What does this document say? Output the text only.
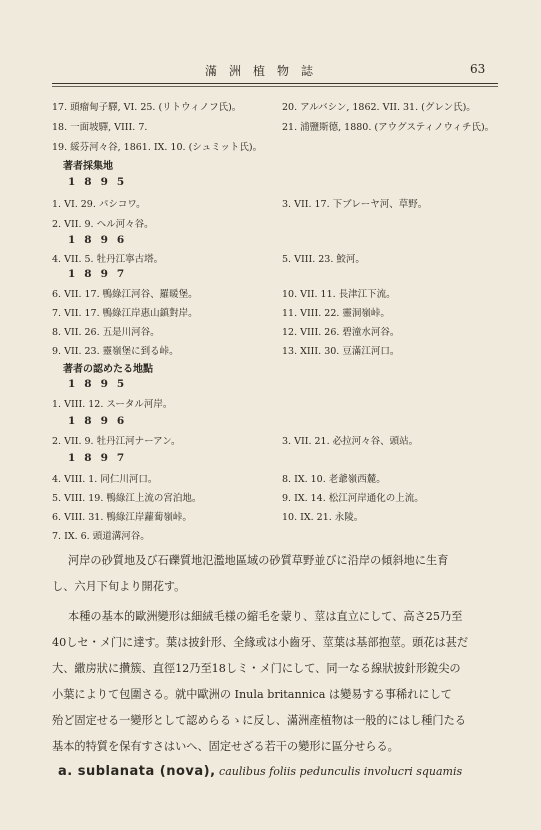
滿洲植物誌	63
17. 頭瘤甸子驛, VI. 25. (リトウィノフ氏)。	20. アルバシン, 1862. VII. 31. (グレン氏)。
18. 一面坡驛, VIII. 7.	21. 浦鹽斯德, 1880. (アウグスティノウィチ氏)。
19. 綏芬河々谷, 1861. IX. 10. (シュミット氏)。
著者採集地
1895
1. VI. 29. パシコワ。	3. VII. 17. 下ブレーヤ河、草野。
2. VII. 9. ヘル河々谷。
1896
4. VII. 5. 牡丹江寧古塔。	5. VIII. 23. 鮫河。
1897
6. VII. 17. 鴨綠江河谷、羅暖堡。	10. VII. 11. 長津江下流。
7. VII. 17. 鴨綠江岸惠山鎮對岸。	11. VIII. 22. 靈洞嶺峠。
8. VII. 26. 五是川河谷。	12. VIII. 26. 碧潼水河谷。
9. VII. 23. 靈嶺堡に到る峠。	13. XIII. 30. 豆滿江河口。
著者の認めたる地點
1895
1. VIII. 12. スータル河岸。
1896
2. VII. 9. 牡丹江河ナーアン。	3. VII. 21. 必拉河々谷、頭站。
1897
4. VIII. 1. 同仁川河口。	8. IX. 10. 老爺嶺西麓。
5. VIII. 19. 鴨綠江上流の宮泊地。	9. IX. 14. 松江河岸通化の上流。
6. VIII. 31. 鴨綠江岸蘿蔔嶺峠。	10. IX. 21. 永陵。
7. IX. 6. 頭道溝河谷。
河岸の砂質地及び石礫質地氾濫地區域の砂質草野並びに沿岸の傾斜地に生育
し、六月下旬より開花す。
本種の基本的歐洲變形は細絨毛様の縮毛を蒙り、莖は直立にして、高さ25乃至
40しセ・メ门に達す。葉は披針形、全緣或は小齒牙、莖葉は基部抱莖。頭花は甚だ
大、繖房狀に攢簇、直徑12乃至18しミ・メ门にして、同一なる線狀披針形銳尖の
小葉によりて包圍さる。就中歐洲の Inula britannica は變易する事稀れにして
殆ど固定せる一變形として認めらるゝに反し、滿洲產植物は一般的にはし種门たる
基本的特質を保有すさはいへ、固定せざる若干の變形に區分せらる。
a. sublanata (nova), caulibus foliis pedunculis involucri squamis
